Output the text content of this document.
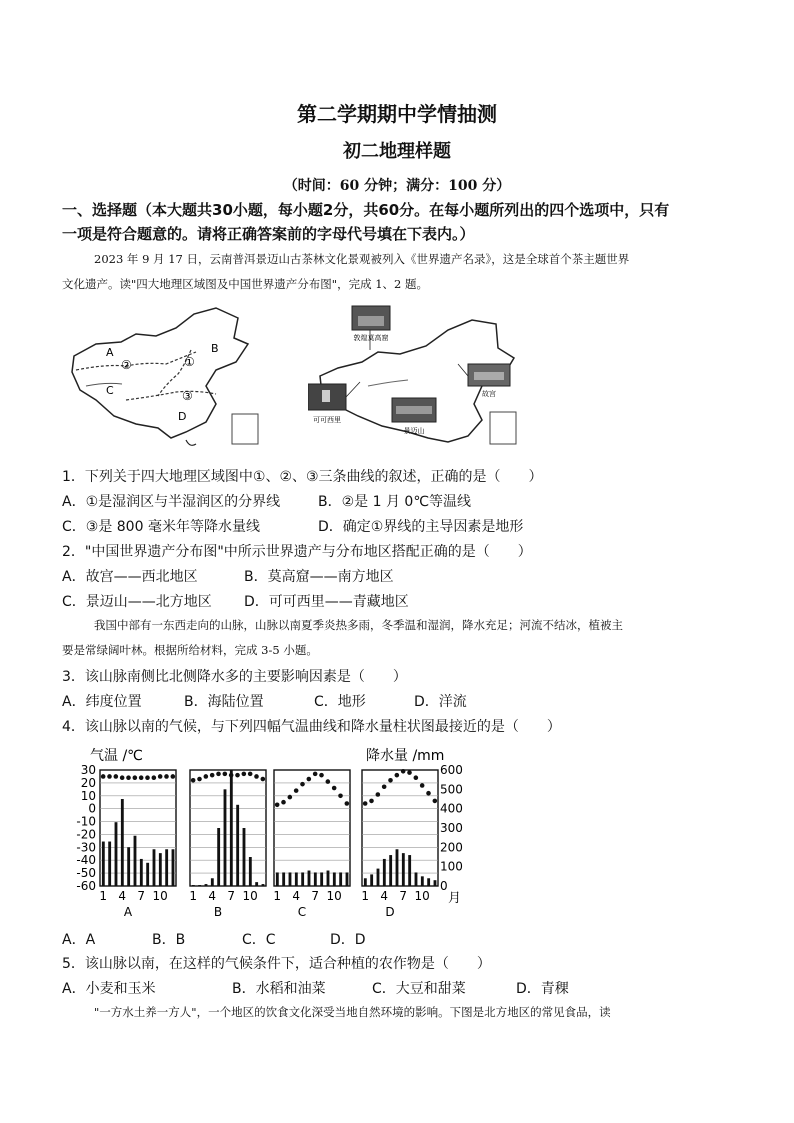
第二学期期中学情抽测
初二地理样题
（时间：60 分钟；满分：100 分）
一、选择题（本大题共30小题，每小题2分，共60分。在每小题所列出的四个选项中，只有
一项是符合题意的。请将正确答案前的字母代号填在下表内。）
2023 年 9 月 17 日，云南普洱景迈山古茶林文化景观被列入《世界遗产名录》，这是全球首个茶主题世界
文化遗产。读"四大地理区域图及中国世界遗产分布图"，完成 1、2 题。
A	B
C
D
①
②
③
敦煌莫高窟
故宫
可可西里
景迈山
1．下列关于四大地理区域图中①、②、③三条曲线的叙述，正确的是（　　）
A．①是湿润区与半湿润区的分界线	B．②是 1 月 0℃等温线
C．③是 800 毫米年等降水量线	D．确定①界线的主导因素是地形
2．"中国世界遗产分布图"中所示世界遗产与分布地区搭配正确的是（　　）
A．故宫——西北地区	B．莫高窟——南方地区
C．景迈山——北方地区 D．可可西里——青藏地区
我国中部有一东西走向的山脉，山脉以南夏季炎热多雨，冬季温和湿润，降水充足；河流不结冰，植被主
要是常绿阔叶林。根据所给材料，完成 3-5 小题。
3．该山脉南侧比北侧降水多的主要影响因素是（　　）
A．纬度位置	B．海陆位置	C．地形	D．洋流
4．该山脉以南的气候，与下列四幅气温曲线和降水量柱状图最接近的是（　　）
气温 /℃	降水量 /mm
月
30
20
10
0
-10
-20
-30
-40
-50
-60
600
500
400
300
200
100
0
1 4 7 10
A
1 4 7 10
B
1 4 7 10
C
1 4 7 10
D
A．A	B．B	C．C	D．D
5．该山脉以南，在这样的气候条件下，适合种植的农作物是（　　）
A．小麦和玉米	B．水稻和油菜	C．大豆和甜菜	D．青稞
"一方水土养一方人"，一个地区的饮食文化深受当地自然环境的影响。下图是北方地区的常见食品，读
